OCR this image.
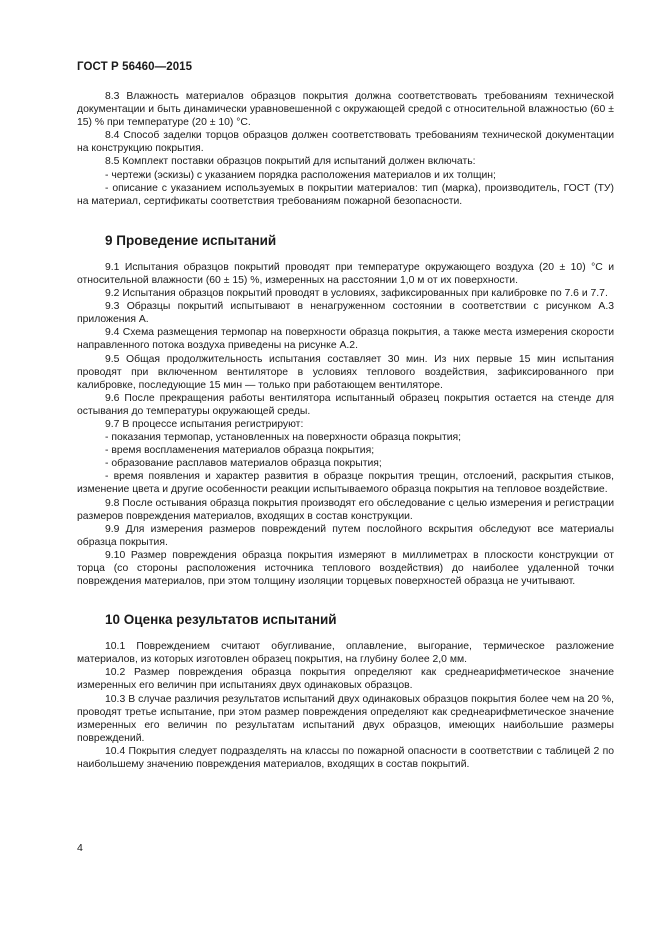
ГОСТ Р 56460—2015

8.3 Влажность материалов образцов покрытия должна соответствовать требованиям технической документации и быть динамически уравновешенной с окружающей средой с относительной влажностью (60 ± 15) % при температуре (20 ± 10) °С.

8.4 Способ заделки торцов образцов должен соответствовать требованиям технической документации на конструкцию покрытия.

8.5 Комплект поставки образцов покрытий для испытаний должен включать:

- чертежи (эскизы) с указанием порядка расположения материалов и их толщин;

- описание с указанием используемых в покрытии материалов: тип (марка), производитель, ГОСТ (ТУ) на материал, сертификаты соответствия требованиям пожарной безопасности.

9 Проведение испытаний

9.1 Испытания образцов покрытий проводят при температуре окружающего воздуха (20 ± 10) °С и относительной влажности (60 ± 15) %, измеренных на расстоянии 1,0 м от их поверхности.

9.2 Испытания образцов покрытий проводят в условиях, зафиксированных при калибровке по 7.6 и 7.7.

9.3 Образцы покрытий испытывают в ненагруженном состоянии в соответствии с рисунком А.3 приложения А.

9.4 Схема размещения термопар на поверхности образца покрытия, а также места измерения скорости направленного потока воздуха приведены на рисунке А.2.

9.5 Общая продолжительность испытания составляет 30 мин. Из них первые 15 мин испытания проводят при включенном вентиляторе в условиях теплового воздействия, зафиксированного при калибровке, последующие 15 мин — только при работающем вентиляторе.

9.6 После прекращения работы вентилятора испытанный образец покрытия остается на стенде для остывания до температуры окружающей среды.

9.7 В процессе испытания регистрируют:

- показания термопар, установленных на поверхности образца покрытия;

- время воспламенения материалов образца покрытия;

- образование расплавов материалов образца покрытия;

- время появления и характер развития в образце покрытия трещин, отслоений, раскрытия стыков, изменение цвета и другие особенности реакции испытываемого образца покрытия на тепловое воздействие.

9.8 После остывания образца покрытия производят его обследование с целью измерения и регистрации размеров повреждения материалов, входящих в состав конструкции.

9.9 Для измерения размеров повреждений путем послойного вскрытия обследуют все материалы образца покрытия.

9.10 Размер повреждения образца покрытия измеряют в миллиметрах в плоскости конструкции от торца (со стороны расположения источника теплового воздействия) до наиболее удаленной точки повреждения материалов, при этом толщину изоляции торцевых поверхностей образца не учитывают.

10 Оценка результатов испытаний

10.1 Повреждением считают обугливание, оплавление, выгорание, термическое разложение материалов, из которых изготовлен образец покрытия, на глубину более 2,0 мм.

10.2 Размер повреждения образца покрытия определяют как среднеарифметическое значение измеренных его величин при испытаниях двух одинаковых образцов.

10.3 В случае различия результатов испытаний двух одинаковых образцов покрытия более чем на 20 %, проводят третье испытание, при этом размер повреждения определяют как среднеарифметическое значение измеренных его величин по результатам испытаний двух образцов, имеющих наибольшие размеры повреждений.

10.4 Покрытия следует подразделять на классы по пожарной опасности в соответствии с таблицей 2 по наибольшему значению повреждения материалов, входящих в состав покрытий.

4
